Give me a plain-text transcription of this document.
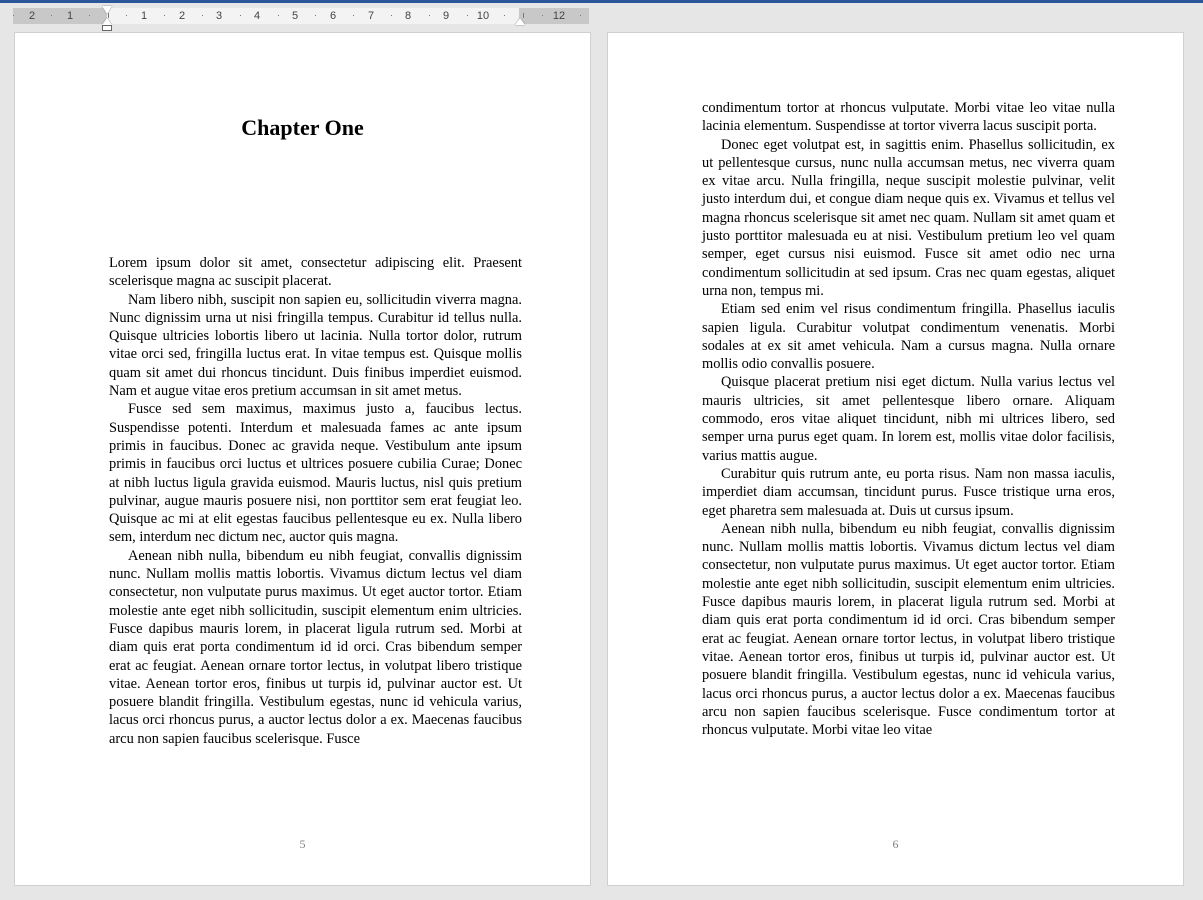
2	1	1	2	3	4	5	6	7	8	9	10	12
Chapter One

Lorem ipsum dolor sit amet, consectetur adipiscing elit. Praesent scelerisque magna ac suscipit placerat.

Nam libero nibh, suscipit non sapien eu, sollicitudin viverra magna. Nunc dignissim urna ut nisi fringilla tempus. Curabitur id tellus nulla. Quisque ultricies lobortis libero ut lacinia. Nulla tortor dolor, rutrum vitae orci sed, fringilla luctus erat. In vitae tempus est. Quisque mollis quam sit amet dui rhoncus tincidunt. Duis finibus imperdiet euismod. Nam et augue vitae eros pretium accumsan in sit amet metus.

Fusce sed sem maximus, maximus justo a, faucibus lectus. Suspendisse potenti. Interdum et malesuada fames ac ante ipsum primis in faucibus. Donec ac gravida neque. Vestibulum ante ipsum primis in faucibus orci luctus et ultrices posuere cubilia Curae; Donec at nibh luctus ligula gravida euismod. Mauris luctus, nisl quis pretium pulvinar, augue mauris posuere nisi, non porttitor sem erat feugiat leo. Quisque ac mi at elit egestas faucibus pellentesque eu ex. Nulla libero sem, interdum nec dictum nec, auctor quis magna.

Aenean nibh nulla, bibendum eu nibh feugiat, convallis dignissim nunc. Nullam mollis mattis lobortis. Vivamus dictum lectus vel diam consectetur, non vulputate purus maximus. Ut eget auctor tortor. Etiam molestie ante eget nibh sollicitudin, suscipit elementum enim ultricies. Fusce dapibus mauris lorem, in placerat ligula rutrum sed. Morbi at diam quis erat porta condimentum id id orci. Cras bibendum semper erat ac feugiat. Aenean ornare tortor lectus, in volutpat libero tristique vitae. Aenean tortor eros, finibus ut turpis id, pulvinar auctor est. Ut posuere blandit fringilla. Vestibulum egestas, nunc id vehicula varius, lacus orci rhoncus purus, a auctor lectus dolor a ex. Maecenas faucibus arcu non sapien faucibus scelerisque. Fusce

5

condimentum tortor at rhoncus vulputate. Morbi vitae leo vitae nulla lacinia elementum. Suspendisse at tortor viverra lacus suscipit porta.

Donec eget volutpat est, in sagittis enim. Phasellus sollicitudin, ex ut pellentesque cursus, nunc nulla accumsan metus, nec viverra quam ex vitae arcu. Nulla fringilla, neque suscipit molestie pulvinar, velit justo interdum dui, et congue diam neque quis ex. Vivamus et tellus vel magna rhoncus scelerisque sit amet nec quam. Nullam sit amet quam et justo porttitor malesuada eu at nisi. Vestibulum pretium leo vel quam semper, eget cursus nisi euismod. Fusce sit amet odio nec urna condimentum sollicitudin at sed ipsum. Cras nec quam egestas, aliquet urna non, tempus mi.

Etiam sed enim vel risus condimentum fringilla. Phasellus iaculis sapien ligula. Curabitur volutpat condimentum venenatis. Morbi sodales at ex sit amet vehicula. Nam a cursus magna. Nulla ornare mollis odio convallis posuere.

Quisque placerat pretium nisi eget dictum. Nulla varius lectus vel mauris ultricies, sit amet pellentesque libero ornare. Aliquam commodo, eros vitae aliquet tincidunt, nibh mi ultrices libero, sed semper urna purus eget quam. In lorem est, mollis vitae dolor facilisis, varius mattis augue.

Curabitur quis rutrum ante, eu porta risus. Nam non massa iaculis, imperdiet diam accumsan, tincidunt purus. Fusce tristique urna eros, eget pharetra sem malesuada at. Duis ut cursus ipsum.

Aenean nibh nulla, bibendum eu nibh feugiat, convallis dignissim nunc. Nullam mollis mattis lobortis. Vivamus dictum lectus vel diam consectetur, non vulputate purus maximus. Ut eget auctor tortor. Etiam molestie ante eget nibh sollicitudin, suscipit elementum enim ultricies. Fusce dapibus mauris lorem, in placerat ligula rutrum sed. Morbi at diam quis erat porta condimentum id id orci. Cras bibendum semper erat ac feugiat. Aenean ornare tortor lectus, in volutpat libero tristique vitae. Aenean tortor eros, finibus ut turpis id, pulvinar auctor est. Ut posuere blandit fringilla. Vestibulum egestas, nunc id vehicula varius, lacus orci rhoncus purus, a auctor lectus dolor a ex. Maecenas faucibus arcu non sapien faucibus scelerisque. Fusce condimentum tortor at rhoncus vulputate. Morbi vitae leo vitae

6
